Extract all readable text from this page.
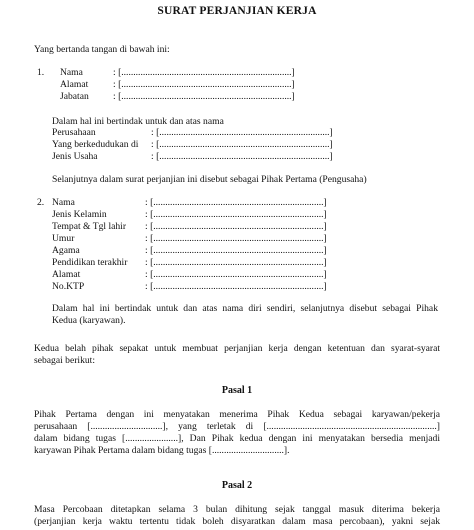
SURAT PERJANJIAN KERJA
Yang bertanda tangan di bawah ini:
1. Nama	: [.......................................................................]
Alamat	: [.......................................................................]
Jabatan	: [.......................................................................]
Dalam hal ini bertindak untuk dan atas nama
Perusahaan	: [.......................................................................]
Yang berkedudukan di : [.......................................................................]
Jenis Usaha	: [.......................................................................]
Selanjutnya dalam surat perjanjian ini disebut sebagai Pihak Pertama (Pengusaha)
2. Nama	: [.......................................................................]
Jenis Kelamin	: [.......................................................................]
Tempat & Tgl lahir : [.......................................................................]
Umur	: [.......................................................................]
Agama	: [.......................................................................]
Pendidikan terakhir : [.......................................................................]
Alamat	: [.......................................................................]
No.KTP	: [.......................................................................]
Dalam hal ini bertindak untuk dan atas nama diri sendiri, selanjutnya disebut sebagai Pihak
Kedua (karyawan).
Kedua belah pihak sepakat untuk membuat perjanjian kerja dengan ketentuan dan syarat-syarat
sebagai berikut:
Pasal 1
Pihak Pertama dengan ini menyatakan menerima Pihak Kedua sebagai karyawan/pekerja
perusahaan [..............................], yang terletak di [.......................................................................]
dalam bidang tugas [......................], Dan Pihak kedua dengan ini menyatakan bersedia menjadi
karyawan Pihak Pertama dalam bidang tugas [..............................].
Pasal 2
Masa Percobaan ditetapkan selama 3 bulan dihitung sejak tanggal masuk diterima bekerja
(perjanjian kerja waktu tertentu tidak boleh disyaratkan dalam masa percobaan), yakni sejak
